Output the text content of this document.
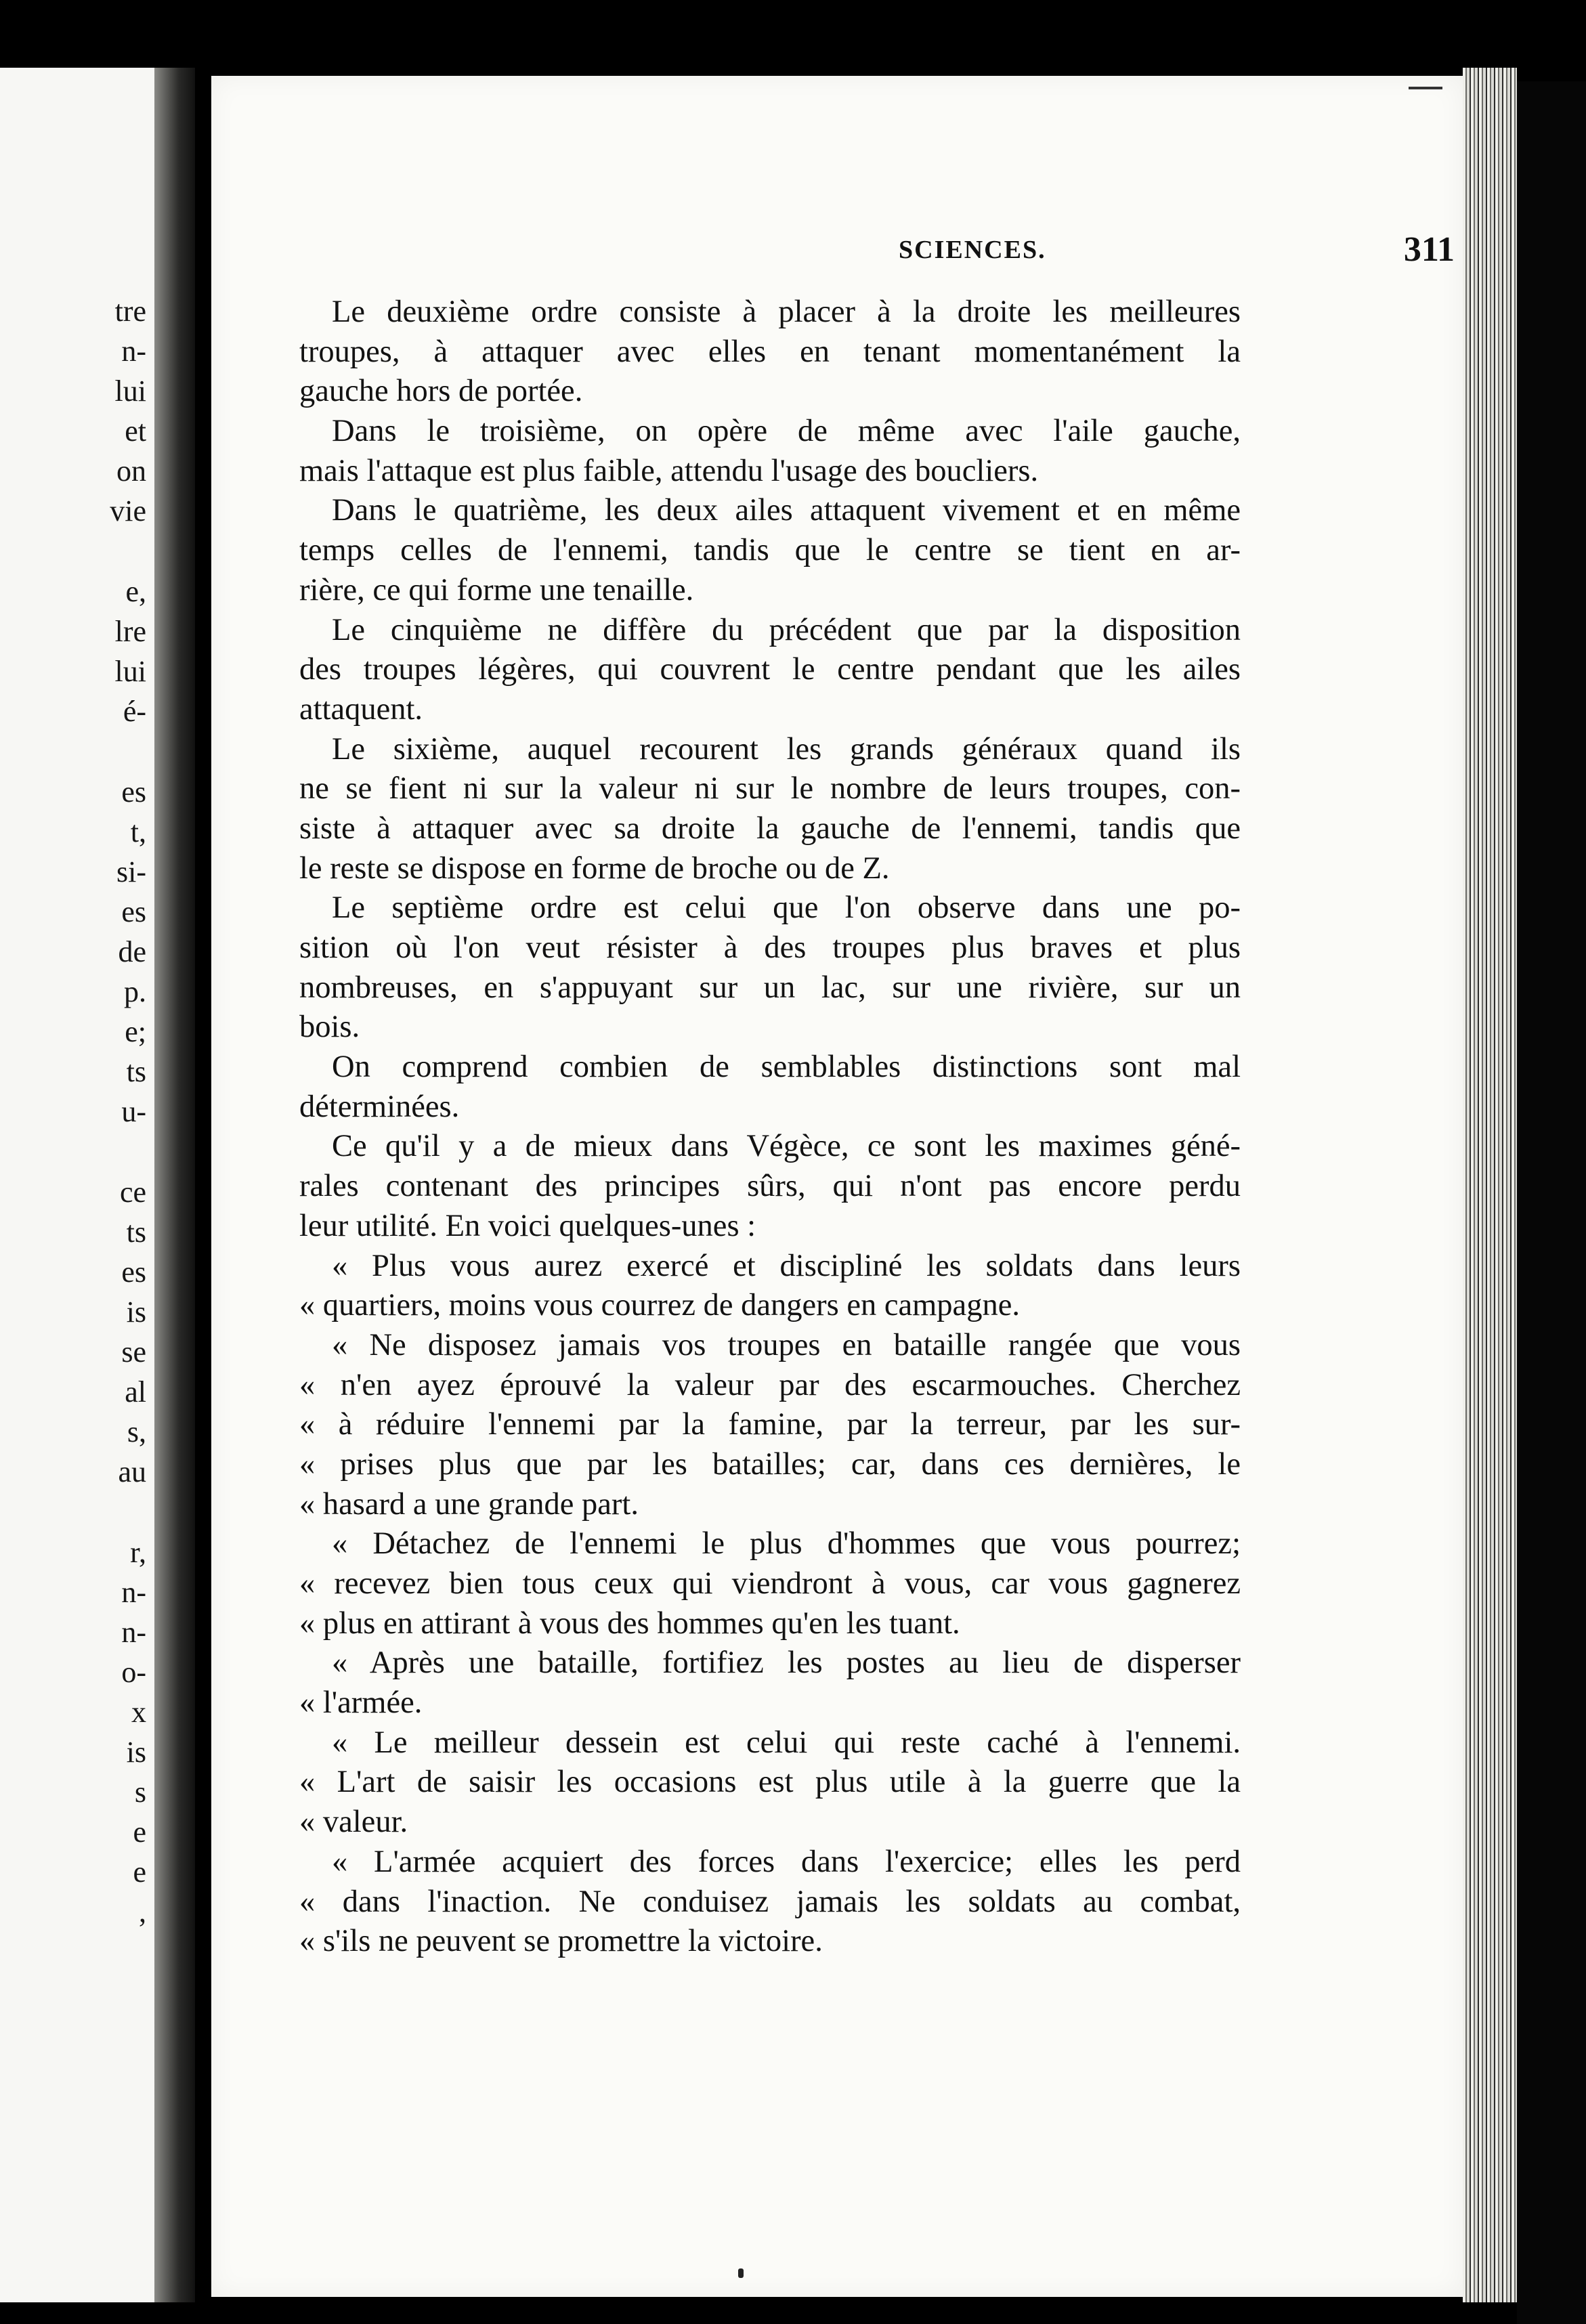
tre
n-
lui
et
on
vie
e,
lre
lui
é-
es
t,
si-
es
de
p.
e;
ts
u-
ce
ts
es
is
se
al
s,
au
r,
n-
n-
o-
x
is
s
e
e
,
SCIENCES.	311
Le deuxième ordre consiste à placer à la droite les meilleures
troupes, à attaquer avec elles en tenant momentanément la
gauche hors de portée.
Dans le troisième, on opère de même avec l'aile gauche,
mais l'attaque est plus faible, attendu l'usage des boucliers.
Dans le quatrième, les deux ailes attaquent vivement et en même
temps celles de l'ennemi, tandis que le centre se tient en ar-
rière, ce qui forme une tenaille.
Le cinquième ne diffère du précédent que par la disposition
des troupes légères, qui couvrent le centre pendant que les ailes
attaquent.
Le sixième, auquel recourent les grands généraux quand ils
ne se fient ni sur la valeur ni sur le nombre de leurs troupes, con-
siste à attaquer avec sa droite la gauche de l'ennemi, tandis que
le reste se dispose en forme de broche ou de Z.
Le septième ordre est celui que l'on observe dans une po-
sition où l'on veut résister à des troupes plus braves et plus
nombreuses, en s'appuyant sur un lac, sur une rivière, sur un
bois.
On comprend combien de semblables distinctions sont mal
déterminées.
Ce qu'il y a de mieux dans Végèce, ce sont les maximes géné-
rales contenant des principes sûrs, qui n'ont pas encore perdu
leur utilité. En voici quelques-unes :
« Plus vous aurez exercé et discipliné les soldats dans leurs
« quartiers, moins vous courrez de dangers en campagne.
« Ne disposez jamais vos troupes en bataille rangée que vous
« n'en ayez éprouvé la valeur par des escarmouches. Cherchez
« à réduire l'ennemi par la famine, par la terreur, par les sur-
« prises plus que par les batailles; car, dans ces dernières, le
« hasard a une grande part.
« Détachez de l'ennemi le plus d'hommes que vous pourrez;
« recevez bien tous ceux qui viendront à vous, car vous gagnerez
« plus en attirant à vous des hommes qu'en les tuant.
« Après une bataille, fortifiez les postes au lieu de disperser
« l'armée.
« Le meilleur dessein est celui qui reste caché à l'ennemi.
« L'art de saisir les occasions est plus utile à la guerre que la
« valeur.
« L'armée acquiert des forces dans l'exercice; elles les perd
« dans l'inaction. Ne conduisez jamais les soldats au combat,
« s'ils ne peuvent se promettre la victoire.
